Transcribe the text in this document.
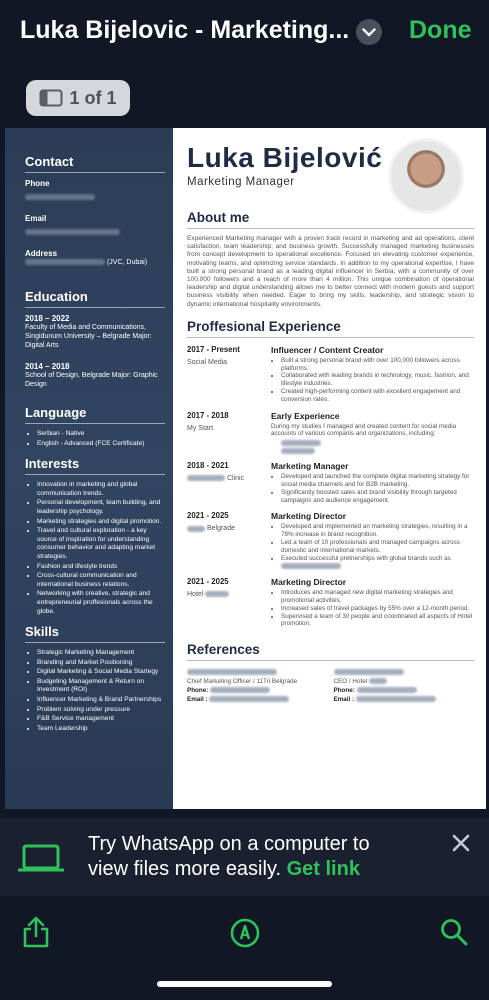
Luka Bijelovic - Marketing... Done
1 of 1
Contact
Phone
Email
Address
(JVC, Dubai)
Education
2018 – 2022
Faculty of Media and Communications, Singidunum University – Belgrade Major:
Digital Arts
2014 – 2018
School of Design, Belgrade Major: Graphic Design
Language
• Serbian - Native
• English - Advanced (FCE Certificate)
Interests
• Innovation in marketing and global communication trends.
• Personal development, team building, and leadership psychology.
• Marketing strategies and digital promotion.
• Travel and cultural exploration - a key source of inspiration for understanding consumer behavior and adapting market strategies.
• Fashion and lifestyle trends
• Cross-cultural communication and international business relations.
• Networking with creative, strategic and entrepreneurial proffesionals across the globe.
Skills
• Strategic Marketing Management
• Branding and Market Positioning
• Digital Marketing & Social Media Startegy
• Budgeting Management & Return on Investment (ROI)
• Influencer Marketing & Brand Partnerships
• Problem solving under pressure
• F&B Service management
• Team Leadership
Luka Bijelović
Marketing Manager
About me
Experienced Marketing manager with a proven track record in marketing and ad operations, client satisfaction, team leadership, and business growth. Successfully managed marketing businesses from concept development to operational excellence. Focused on elevating customer experience, motivating teams, and optimizing service standards. In addition to my operational expertise, I have built a strong personal brand as a leading digital influencer in Serbia, with a community of over 100,000 followers and a reach of more than 4 million. This unique combination of operational leadership and digital understanding allows me to better connect with modern guests and support business visibility when needed. Eager to bring my skills, leadership, and strategic vision to dynamic international hospitality environments.
Proffesional Experience
2017 - Present
Social Media
Influencer / Content Creator
• Built a strong personal brand with over 100,000 followers across platforms.
• Collaborated with leading brands in technology, music, fashion, and lifestyle industries.
• Created high-performing content with excellent engagement and conversion rates.
2017 - 2018
My Start
Early Experience

During my studies I managed and created content for social media accounts of various companis and organizations, including:

2018 - 2021
Clinic
Marketing Manager
• Developed and launched the complete digital marketing strategy for social media channels and for B2B marketing.
• Significantly boosted sales and brand visibility through targeted campaigns and audience engagement.
2021 - 2025
Belgrade
Marketing Director
• Developed and implemented an marketing strategies, resulting in a 78% increase in brand recognition.
• Led a team of 10 professionals and managed campaigns across domestic and international markets.
• Executed successful pretnerships with global brands such as
2021 - 2025
Hotel
Marketing Director
• Introduces and managed new digital marketing strategies and promotional activities.
• Increased sales of travel packages by 55% over a 12-month period.
• Supervised a team of 30 people and coordinared all aspects of Hotel promotion.
References
Chief Marketing Officer / 11Tri Belgrade
Phone:
Email :
CEO / Hotel
Phone:
Email :
Try WhatsApp on a computer to
view files more easily. Get link
